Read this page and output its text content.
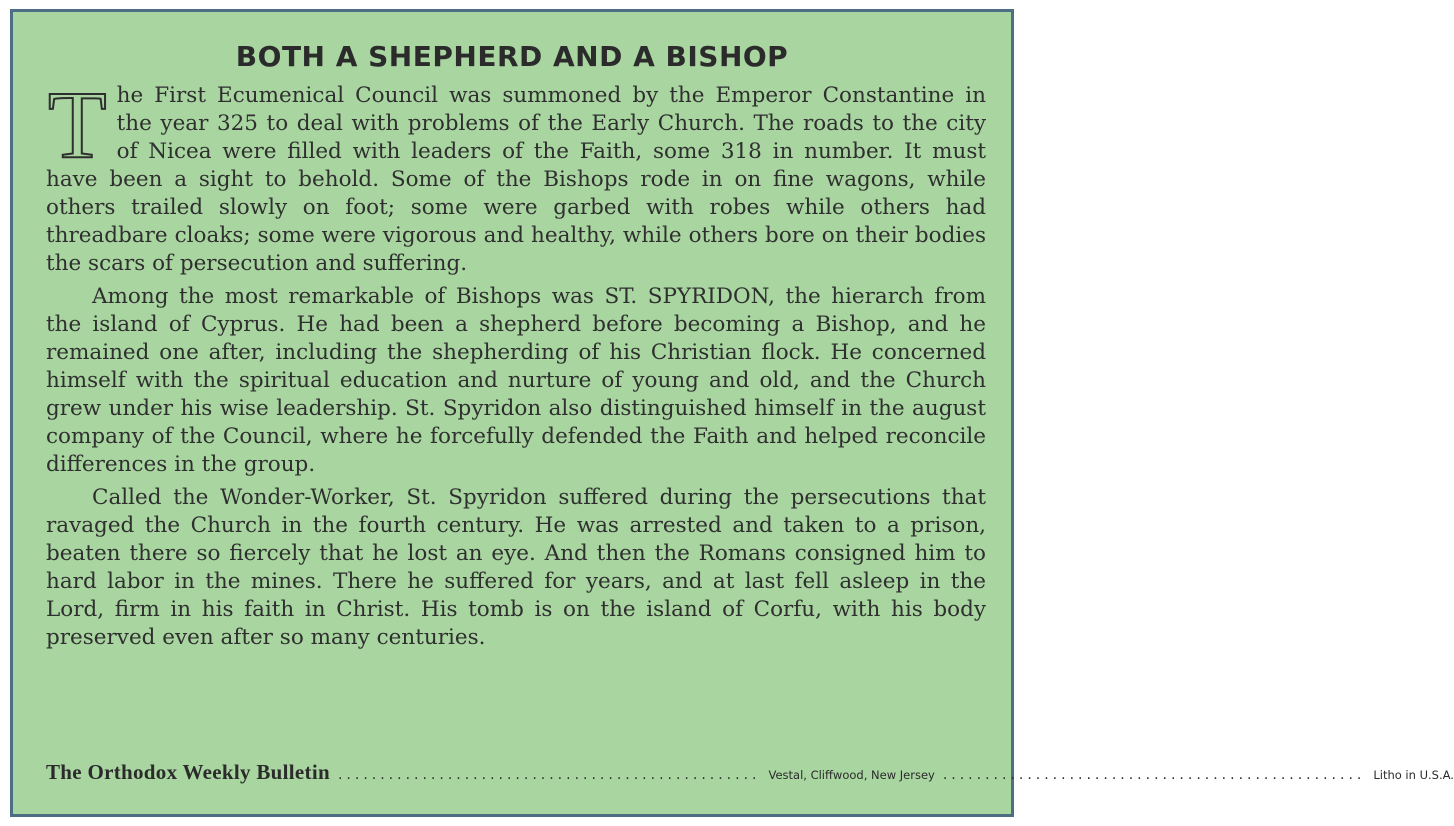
BOTH A SHEPHERD AND A BISHOP

The First Ecumenical Council was summoned by the Emperor Constantine in the year 325 to deal with problems of the Early Church. The roads to the city of Nicea were filled with leaders of the Faith, some 318 in number. It must have been a sight to behold. Some of the Bishops rode in on fine wagons, while others trailed slowly on foot; some were garbed with robes while others had threadbare cloaks; some were vigorous and healthy, while others bore on their bodies the scars of persecution and suffering.

Among the most remarkable of Bishops was ST. SPYRIDON, the hierarch from the island of Cyprus. He had been a shepherd before becoming a Bishop, and he remained one after, including the shepherding of his Christian flock. He concerned himself with the spiritual education and nurture of young and old, and the Church grew under his wise leadership. St. Spyridon also distinguished himself in the august company of the Council, where he forcefully defended the Faith and helped reconcile differences in the group.

Called the Wonder-Worker, St. Spyridon suffered during the persecutions that ravaged the Church in the fourth century. He was arrested and taken to a prison, beaten there so fiercely that he lost an eye. And then the Romans consigned him to hard labor in the mines. There he suffered for years, and at last fell asleep in the Lord, firm in his faith in Christ. His tomb is on the island of Corfu, with his body preserved even after so many centuries.

The Orthodox Weekly Bulletin .................................................. Vestal, Cliffwood, New Jersey .................................................. Litho in U.S.A.
